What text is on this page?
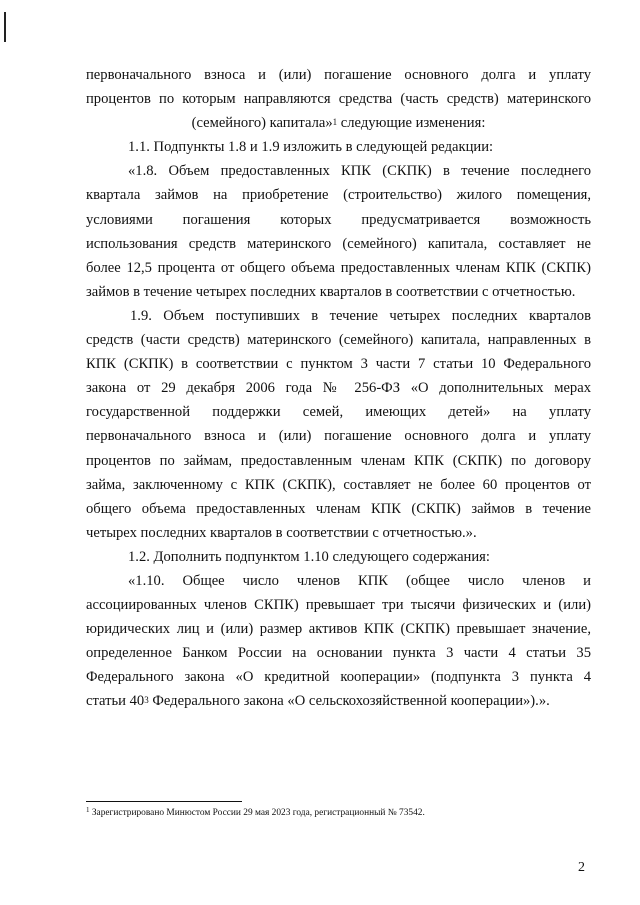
первоначального взноса и (или) погашение основного долга и уплату
процентов по которым направляются средства (часть средств) материнского
(семейного) капитала»$^1$ следующие изменения:
1.1. Подпункты 1.8 и 1.9 изложить в следующей редакции:
«1.8. Объем предоставленных КПК (СКПК) в течение последнего
квартала займов на приобретение (строительство) жилого помещения,
условиями погашения которых предусматривается возможность
использования средств материнского (семейного) капитала, составляет не
более 12,5 процента от общего объема предоставленных членам КПК (СКПК)
займов в течение четырех последних кварталов в соответствии с отчетностью.
1.9. Объем поступивших в течение четырех последних кварталов
средств (части средств) материнского (семейного) капитала, направленных в
КПК (СКПК) в соответствии с пунктом 3 части 7 статьи 10 Федерального
закона от 29 декабря 2006 года № 256-ФЗ «О дополнительных мерах
государственной поддержки семей, имеющих детей» на уплату
первоначального взноса и (или) погашение основного долга и уплату
процентов по займам, предоставленным членам КПК (СКПК) по договору
займа, заключенному с КПК (СКПК), составляет не более 60 процентов от
общего объема предоставленных членам КПК (СКПК) займов в течение
четырех последних кварталов в соответствии с отчетностью.».
1.2. Дополнить подпунктом 1.10 следующего содержания:
«1.10. Общее число членов КПК (общее число членов и
ассоциированных членов СКПК) превышает три тысячи физических и (или)
юридических лиц и (или) размер активов КПК (СКПК) превышает значение,
определенное Банком России на основании пункта 3 части 4 статьи 35
Федерального закона «О кредитной кооперации» (подпункта 3 пункта 4
статьи $40^3$ Федерального закона «О сельскохозяйственной кооперации»).».
$^1$ Зарегистрировано Минюстом России 29 мая 2023 года, регистрационный № 73542.
2
